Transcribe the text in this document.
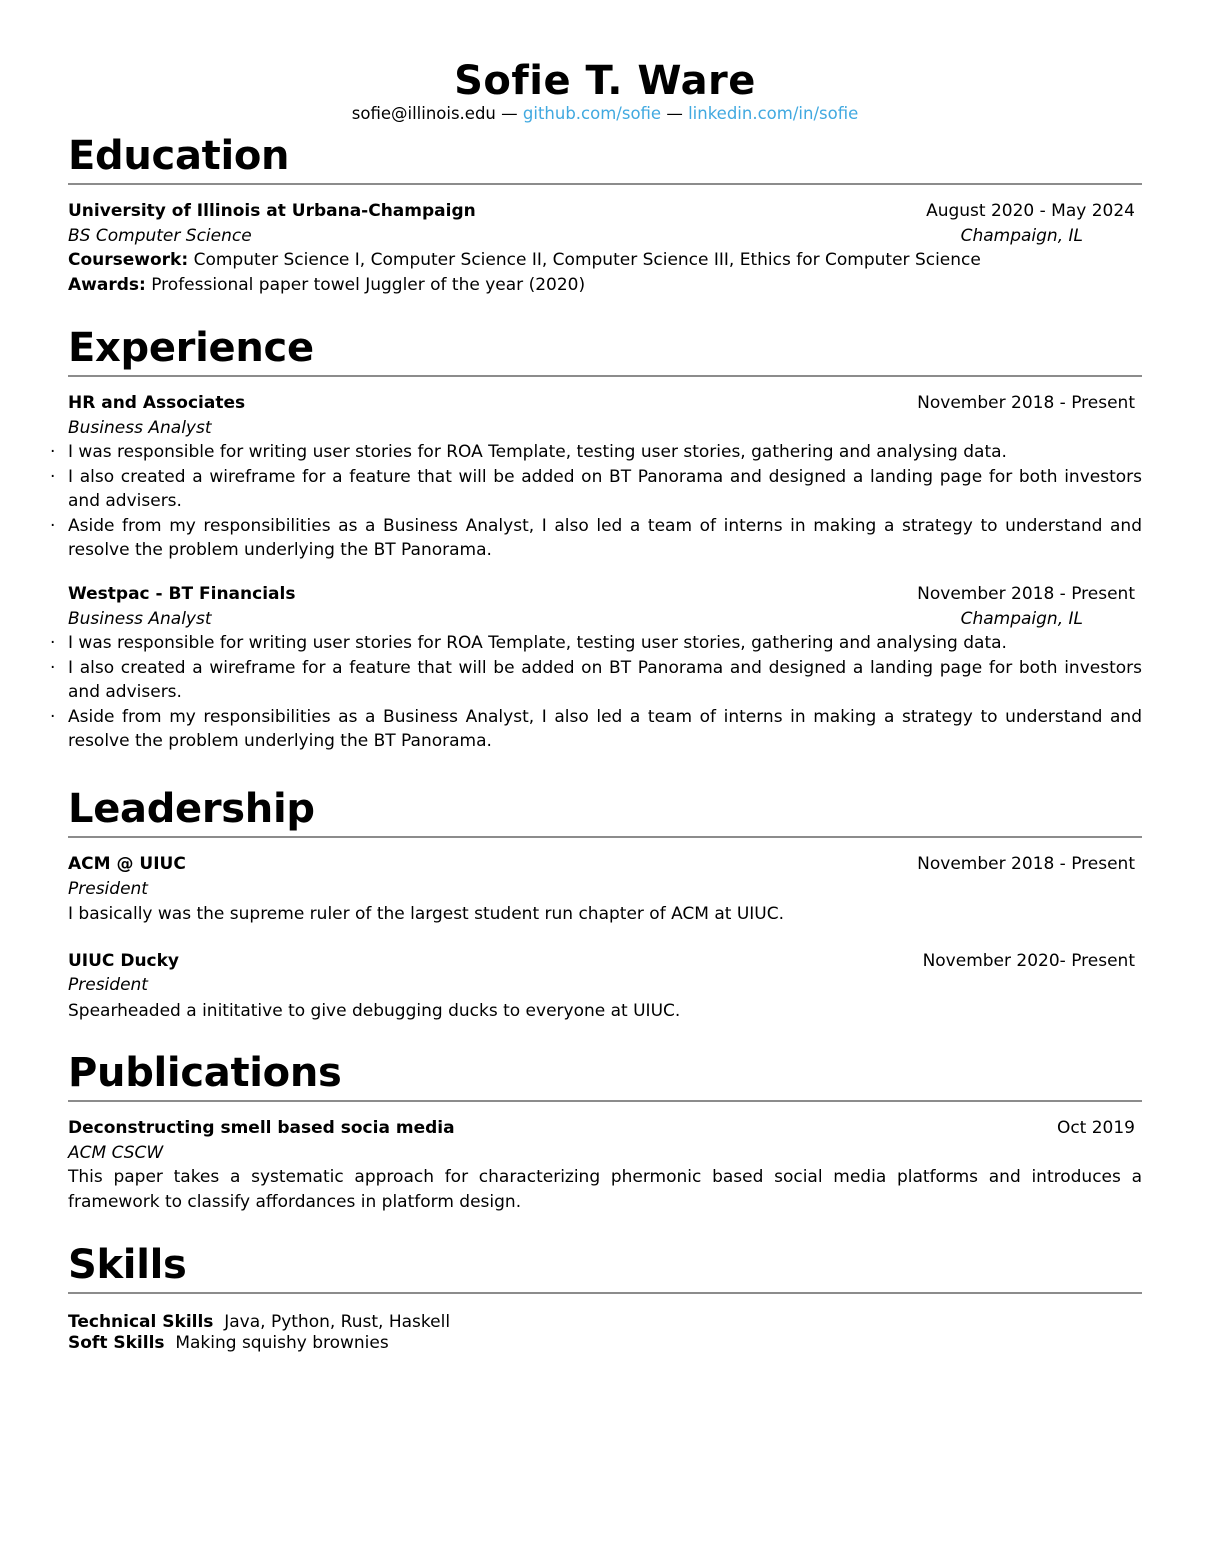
Sofie T. Ware
sofie@illinois.edu — github.com/sofie — linkedin.com/in/sofie
Education
University of Illinois at Urbana-Champaign	August 2020 - May 2024
BS Computer Science	Champaign, IL
Coursework: Computer Science I, Computer Science II, Computer Science III, Ethics for Computer Science
Awards: Professional paper towel Juggler of the year (2020)
Experience
HR and Associates	November 2018 - Present
Business Analyst
· I was responsible for writing user stories for ROA Template, testing user stories, gathering and analysing data.
· I also created a wireframe for a feature that will be added on BT Panorama and designed a landing page for both investors and advisers.
· Aside from my responsibilities as a Business Analyst, I also led a team of interns in making a strategy to understand and resolve the problem underlying the BT Panorama.
Westpac - BT Financials	November 2018 - Present
Business Analyst	Champaign, IL
· I was responsible for writing user stories for ROA Template, testing user stories, gathering and analysing data.
· I also created a wireframe for a feature that will be added on BT Panorama and designed a landing page for both investors and advisers.
· Aside from my responsibilities as a Business Analyst, I also led a team of interns in making a strategy to understand and resolve the problem underlying the BT Panorama.
Leadership
ACM @ UIUC	November 2018 - Present
President
I basically was the supreme ruler of the largest student run chapter of ACM at UIUC.
UIUC Ducky	November 2020- Present
President
Spearheaded a inititative to give debugging ducks to everyone at UIUC.
Publications
Deconstructing smell based socia media	Oct 2019
ACM CSCW
This paper takes a systematic approach for characterizing phermonic based social media platforms and introduces a framework to classify affordances in platform design.
Skills
Technical Skills Java, Python, Rust, Haskell
Soft Skills Making squishy brownies
